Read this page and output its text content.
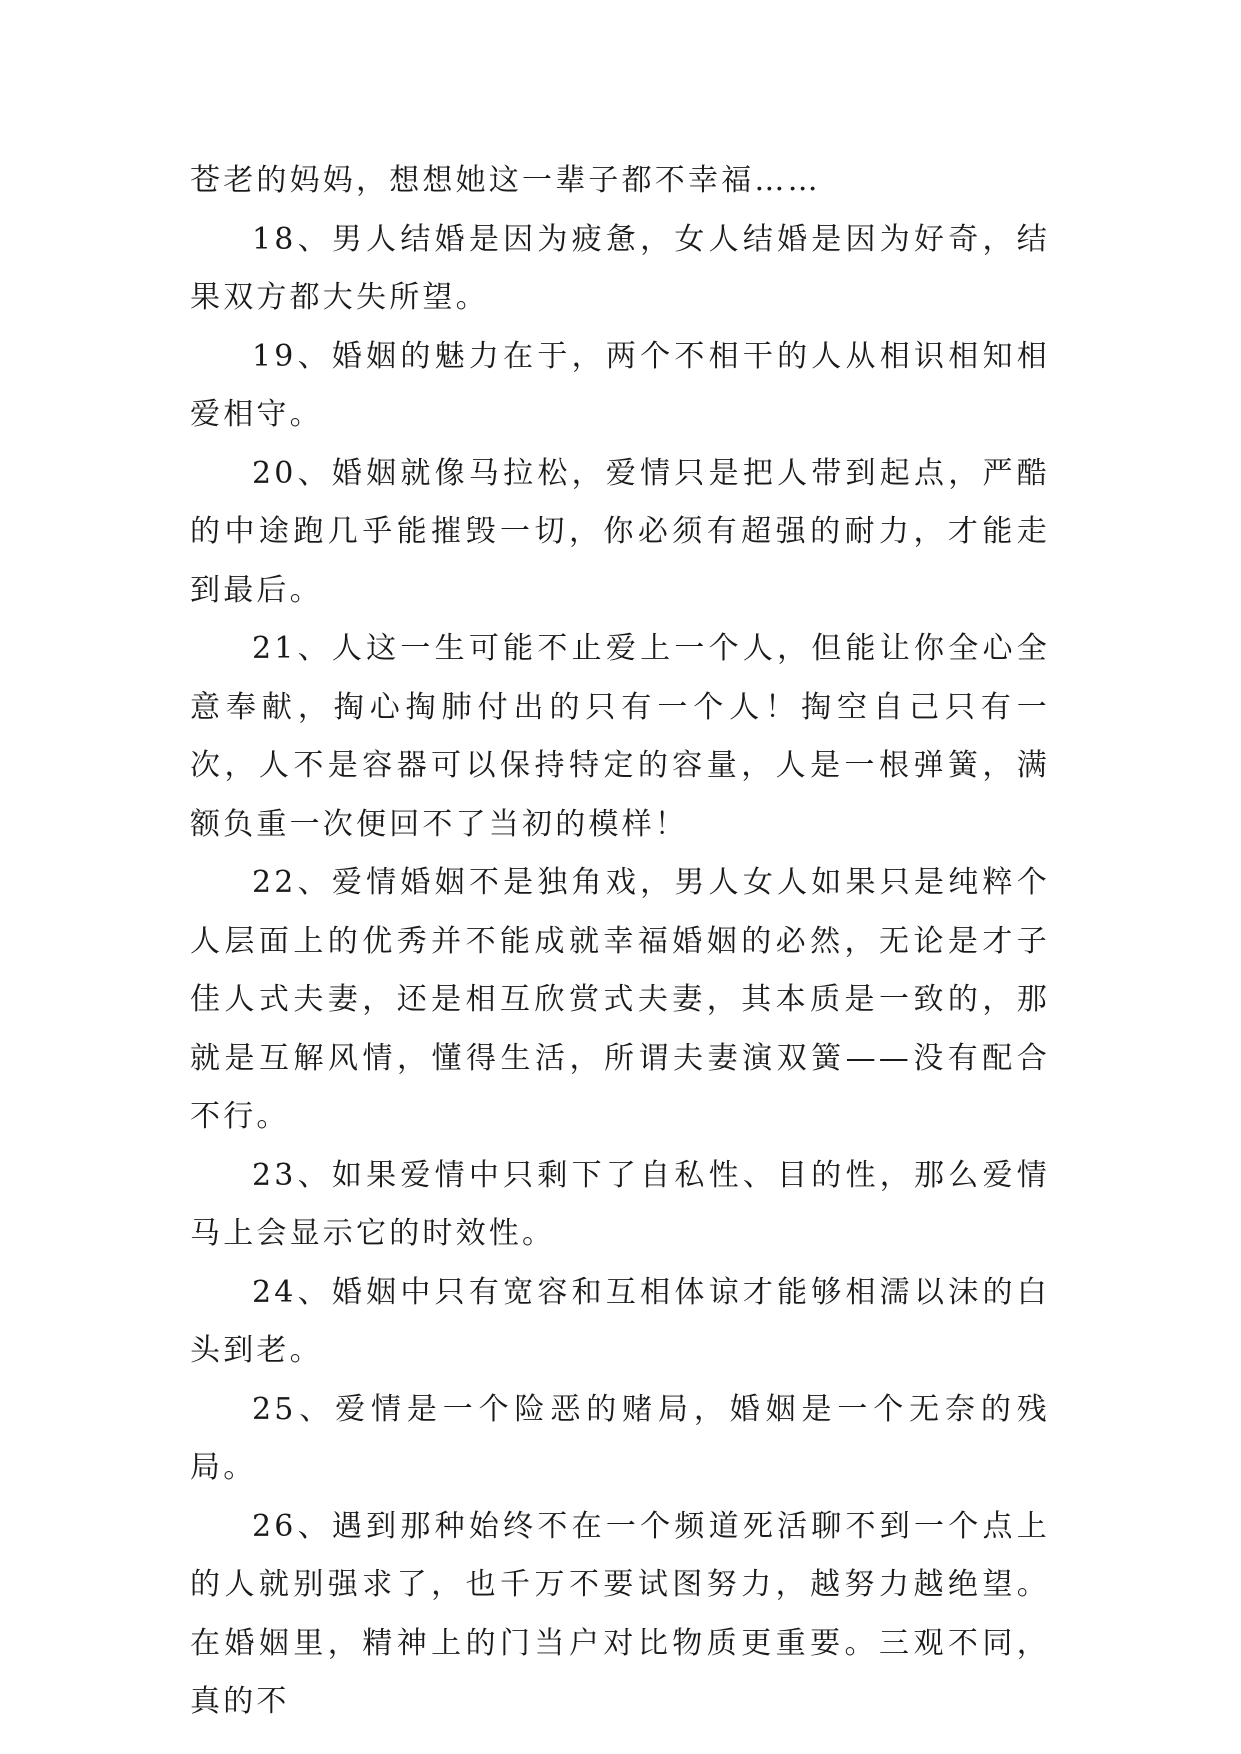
苍老的妈妈，想想她这一辈子都不幸福……

18、男人结婚是因为疲惫，女人结婚是因为好奇，结果双方都大失所望。

19、婚姻的魅力在于，两个不相干的人从相识相知相爱相守。

20、婚姻就像马拉松，爱情只是把人带到起点，严酷的中途跑几乎能摧毁一切，你必须有超强的耐力，才能走到最后。

21、人这一生可能不止爱上一个人，但能让你全心全意奉献，掏心掏肺付出的只有一个人！掏空自己只有一次，人不是容器可以保持特定的容量，人是一根弹簧，满额负重一次便回不了当初的模样！

22、爱情婚姻不是独角戏，男人女人如果只是纯粹个人层面上的优秀并不能成就幸福婚姻的必然，无论是才子佳人式夫妻，还是相互欣赏式夫妻，其本质是一致的，那就是互解风情，懂得生活，所谓夫妻演双簧——没有配合不行。

23、如果爱情中只剩下了自私性、目的性，那么爱情马上会显示它的时效性。

24、婚姻中只有宽容和互相体谅才能够相濡以沫的白头到老。

25、爱情是一个险恶的赌局，婚姻是一个无奈的残局。

26、遇到那种始终不在一个频道死活聊不到一个点上的人就别强求了，也千万不要试图努力，越努力越绝望。在婚姻里，精神上的门当户对比物质更重要。三观不同，真的不
